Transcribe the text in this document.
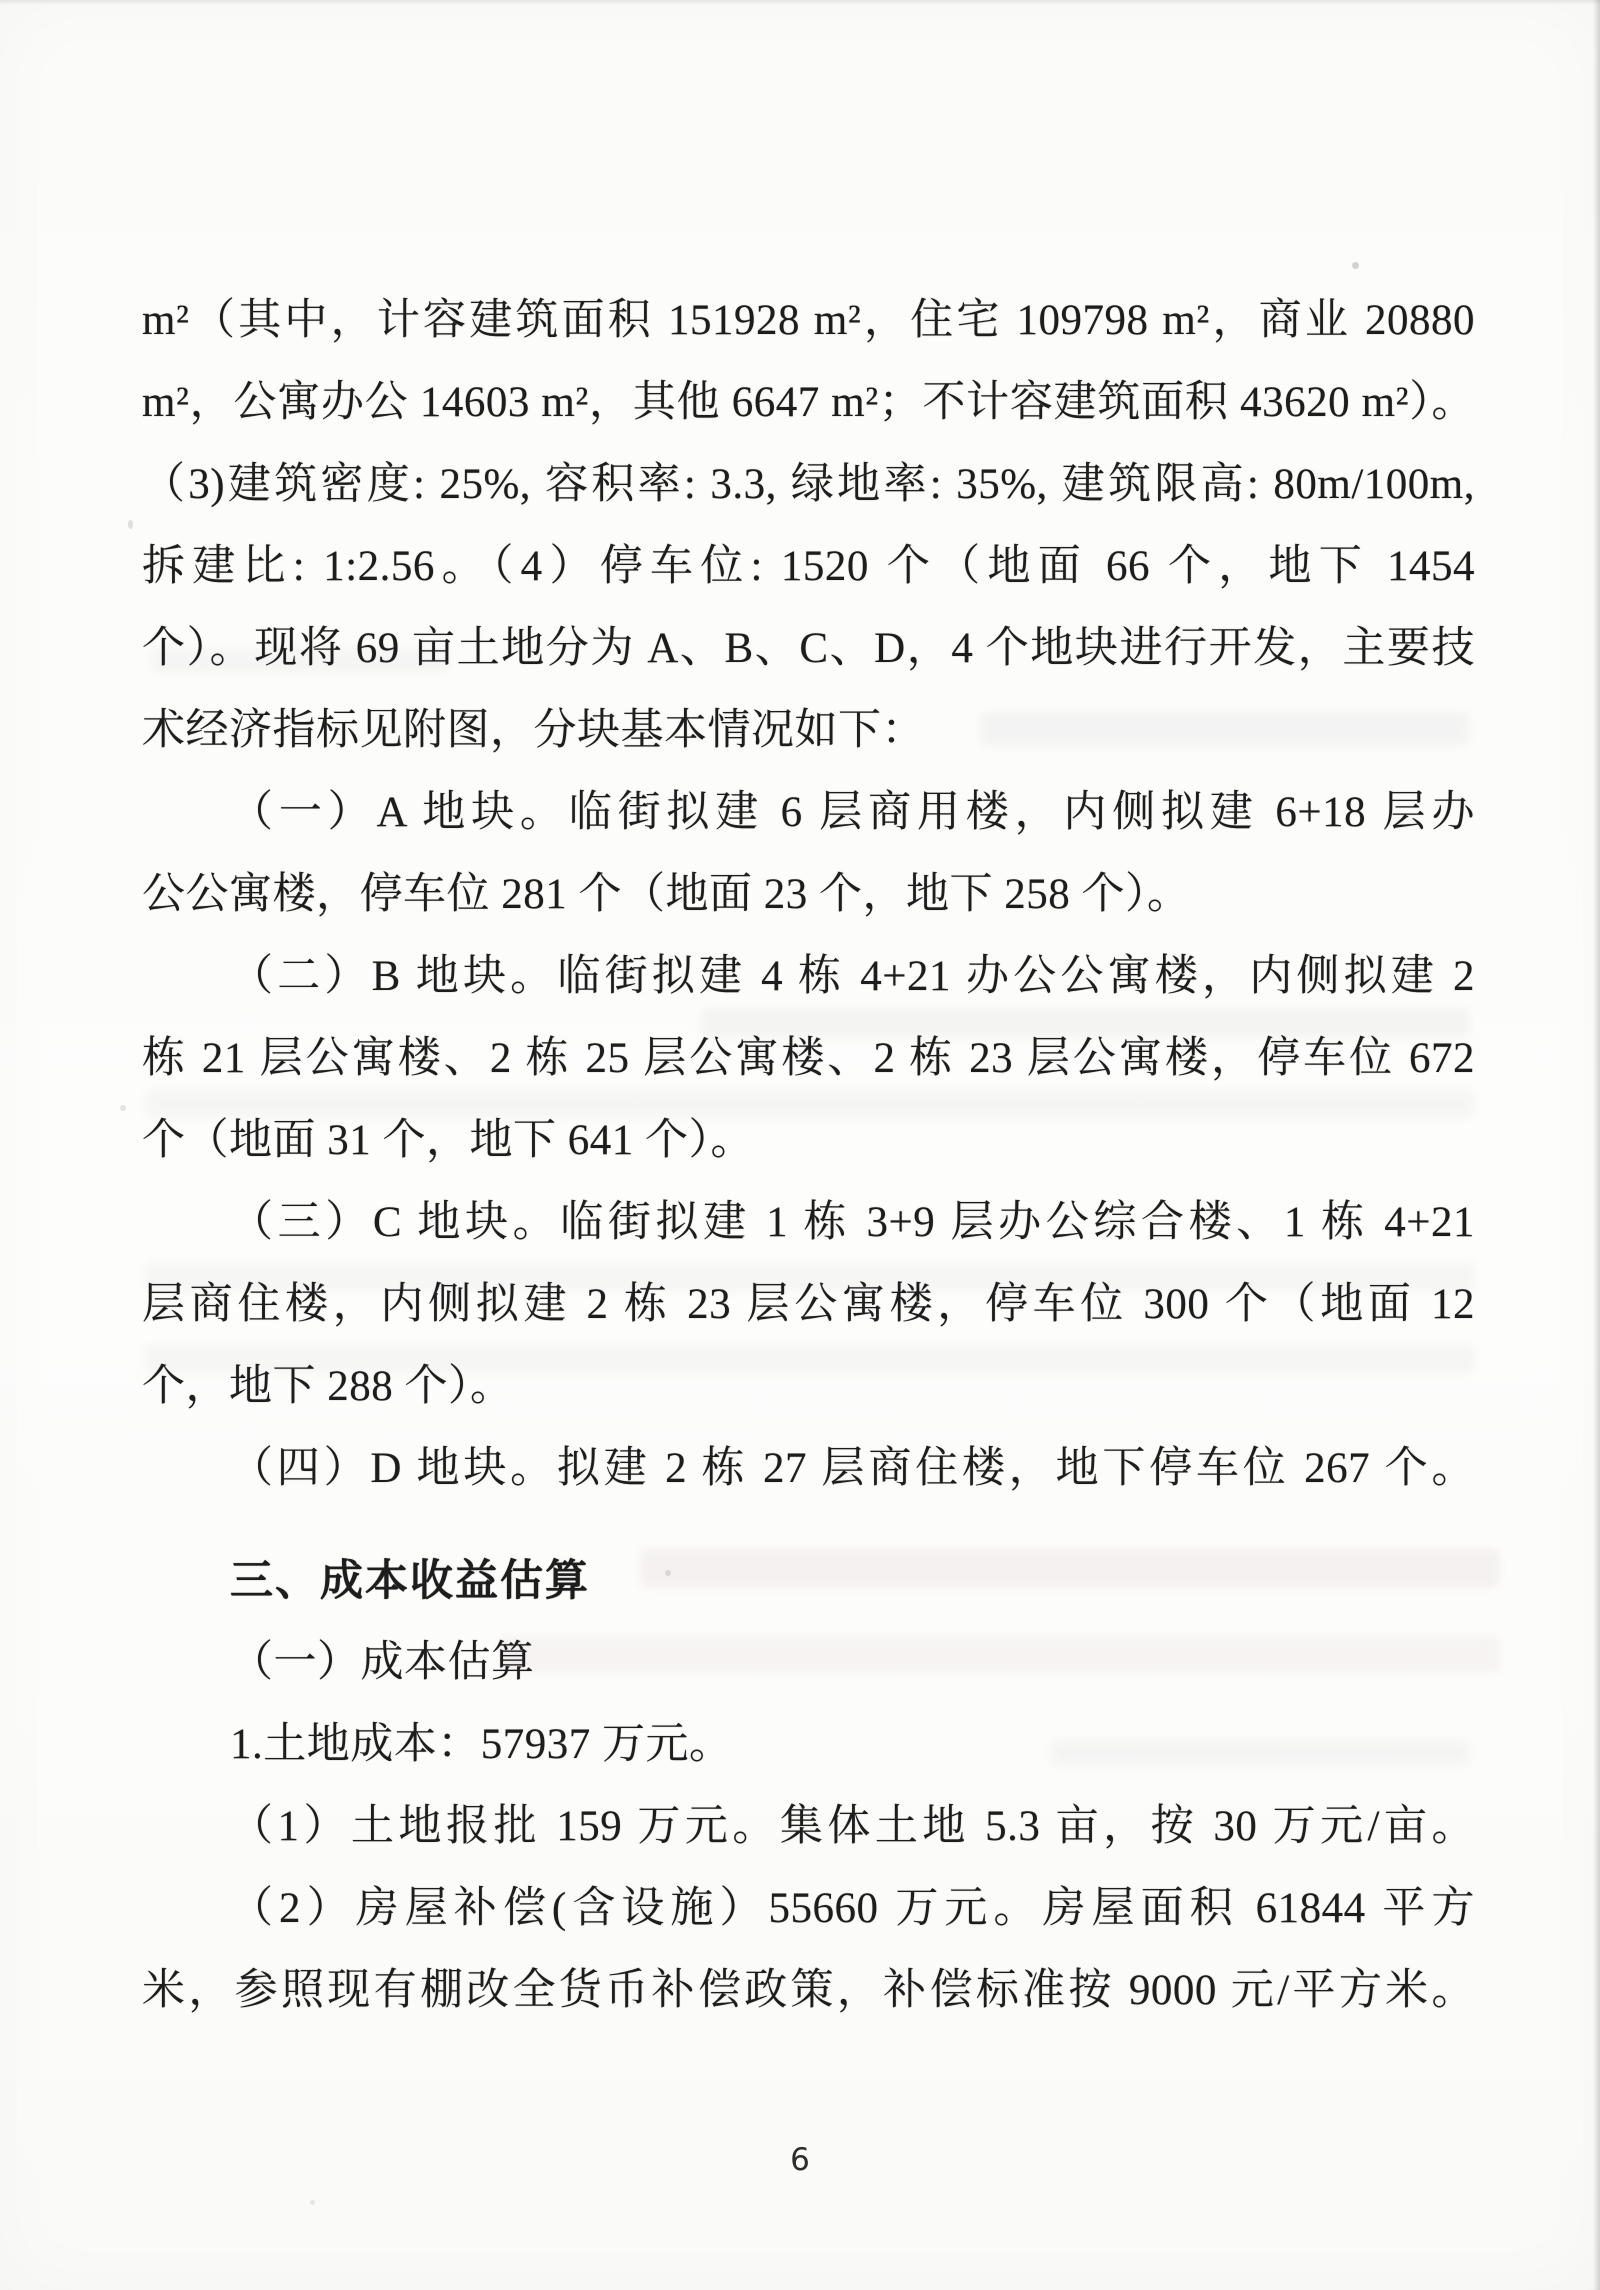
m²（其中，计容建筑面积 151928 m²，住宅 109798 m²，商业 20880
m²，公寓办公 14603 m²，其他 6647 m²；不计容建筑面积 43620 m²）。
（3)建筑密度: 25%, 容积率: 3.3, 绿地率: 35%, 建筑限高: 80m/100m,
拆建比: 1:2.56。（4）停车位: 1520 个（地面 66 个，地下 1454
个）。现将 69 亩土地分为 A、B、C、D，4 个地块进行开发，主要技
术经济指标见附图，分块基本情况如下：
（一）A 地块。临街拟建 6 层商用楼，内侧拟建 6+18 层办
公公寓楼，停车位 281 个（地面 23 个，地下 258 个）。
（二）B 地块。临街拟建 4 栋 4+21 办公公寓楼，内侧拟建 2
栋 21 层公寓楼、2 栋 25 层公寓楼、2 栋 23 层公寓楼，停车位 672
个（地面 31 个，地下 641 个）。
（三）C 地块。临街拟建 1 栋 3+9 层办公综合楼、1 栋 4+21
层商住楼，内侧拟建 2 栋 23 层公寓楼，停车位 300 个（地面 12
个，地下 288 个）。
（四）D 地块。拟建 2 栋 27 层商住楼，地下停车位 267 个。
三、成本收益估算
（一）成本估算
1.土地成本：57937 万元。
（1）土地报批 159 万元。集体土地 5.3 亩，按 30 万元/亩。
（2）房屋补偿(含设施）55660 万元。房屋面积 61844 平方
米，参照现有棚改全货币补偿政策，补偿标准按 9000 元/平方米。
6
